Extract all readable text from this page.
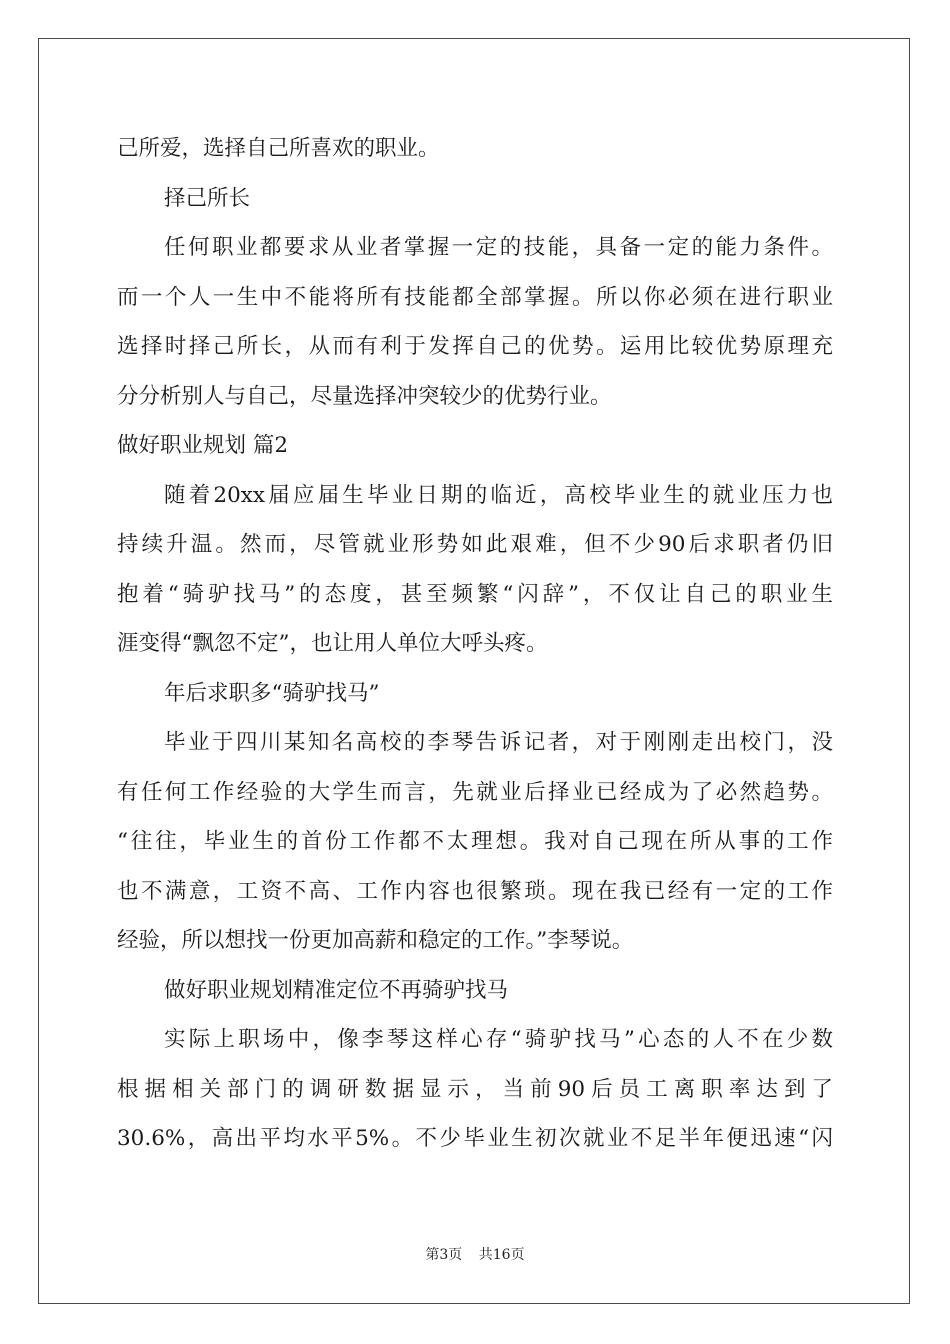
己所爱，选择自己所喜欢的职业。
择己所长
任何职业都要求从业者掌握一定的技能，具备一定的能力条件。
而一个人一生中不能将所有技能都全部掌握。所以你必须在进行职业
选择时择己所长，从而有利于发挥自己的优势。运用比较优势原理充
分分析别人与自己，尽量选择冲突较少的优势行业。
做好职业规划 篇2
随着20xx届应届生毕业日期的临近，高校毕业生的就业压力也
持续升温。然而，尽管就业形势如此艰难，但不少90后求职者仍旧
抱着“骑驴找马”的态度，甚至频繁“闪辞”，不仅让自己的职业生
涯变得“飘忽不定”，也让用人单位大呼头疼。
年后求职多“骑驴找马”
毕业于四川某知名高校的李琴告诉记者，对于刚刚走出校门，没
有任何工作经验的大学生而言，先就业后择业已经成为了必然趋势。
“往往，毕业生的首份工作都不太理想。我对自己现在所从事的工作
也不满意，工资不高、工作内容也很繁琐。现在我已经有一定的工作
经验，所以想找一份更加高薪和稳定的工作。”李琴说。
做好职业规划精准定位不再骑驴找马
实际上职场中，像李琴这样心存“骑驴找马”心态的人不在少数
根据相关部门的调研数据显示，当前90后员工离职率达到了
30.6%，高出平均水平5%。不少毕业生初次就业不足半年便迅速“闪
第3页 共16页
